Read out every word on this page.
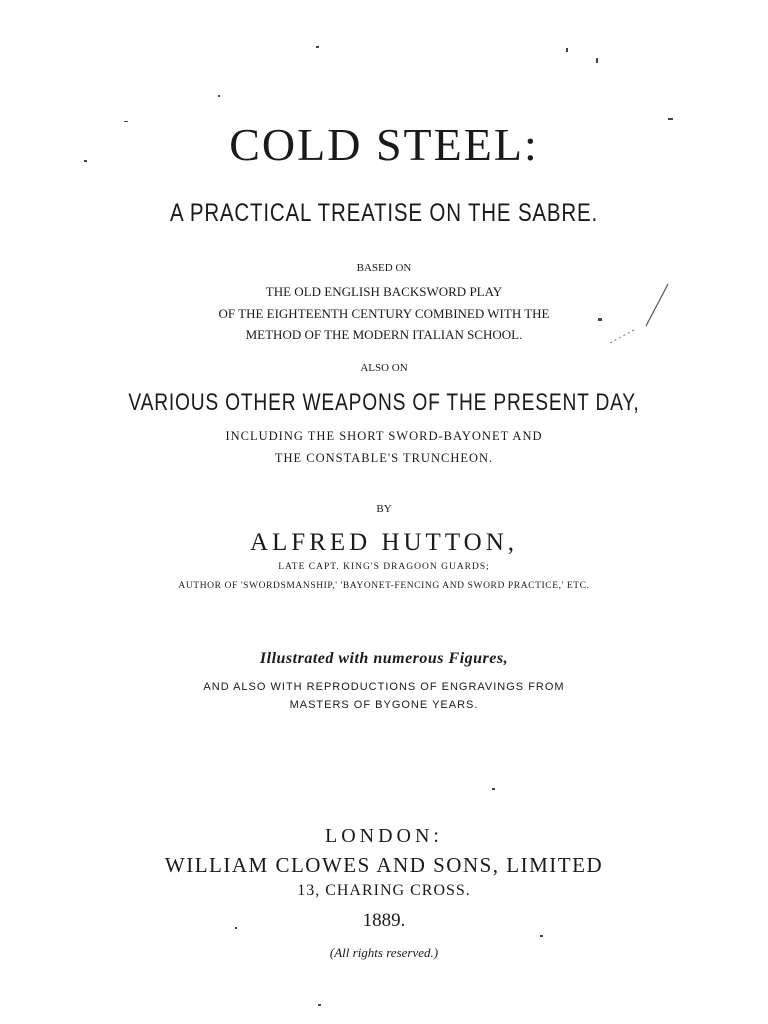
COLD STEEL:
A PRACTICAL TREATISE ON THE SABRE.
BASED ON
THE OLD ENGLISH BACKSWORD PLAY
OF THE EIGHTEENTH CENTURY COMBINED WITH THE
METHOD OF THE MODERN ITALIAN SCHOOL.
ALSO ON
VARIOUS OTHER WEAPONS OF THE PRESENT DAY,
INCLUDING THE SHORT SWORD-BAYONET AND
THE CONSTABLE'S TRUNCHEON.
BY
ALFRED HUTTON,
LATE CAPT. KING'S DRAGOON GUARDS;
AUTHOR OF 'SWORDSMANSHIP,' 'BAYONET-FENCING AND SWORD PRACTICE,' ETC.
Illustrated with numerous Figures,
AND ALSO WITH REPRODUCTIONS OF ENGRAVINGS FROM
MASTERS OF BYGONE YEARS.
LONDON:
WILLIAM CLOWES AND SONS, LIMITED
13, CHARING CROSS.
1889.
(All rights reserved.)
